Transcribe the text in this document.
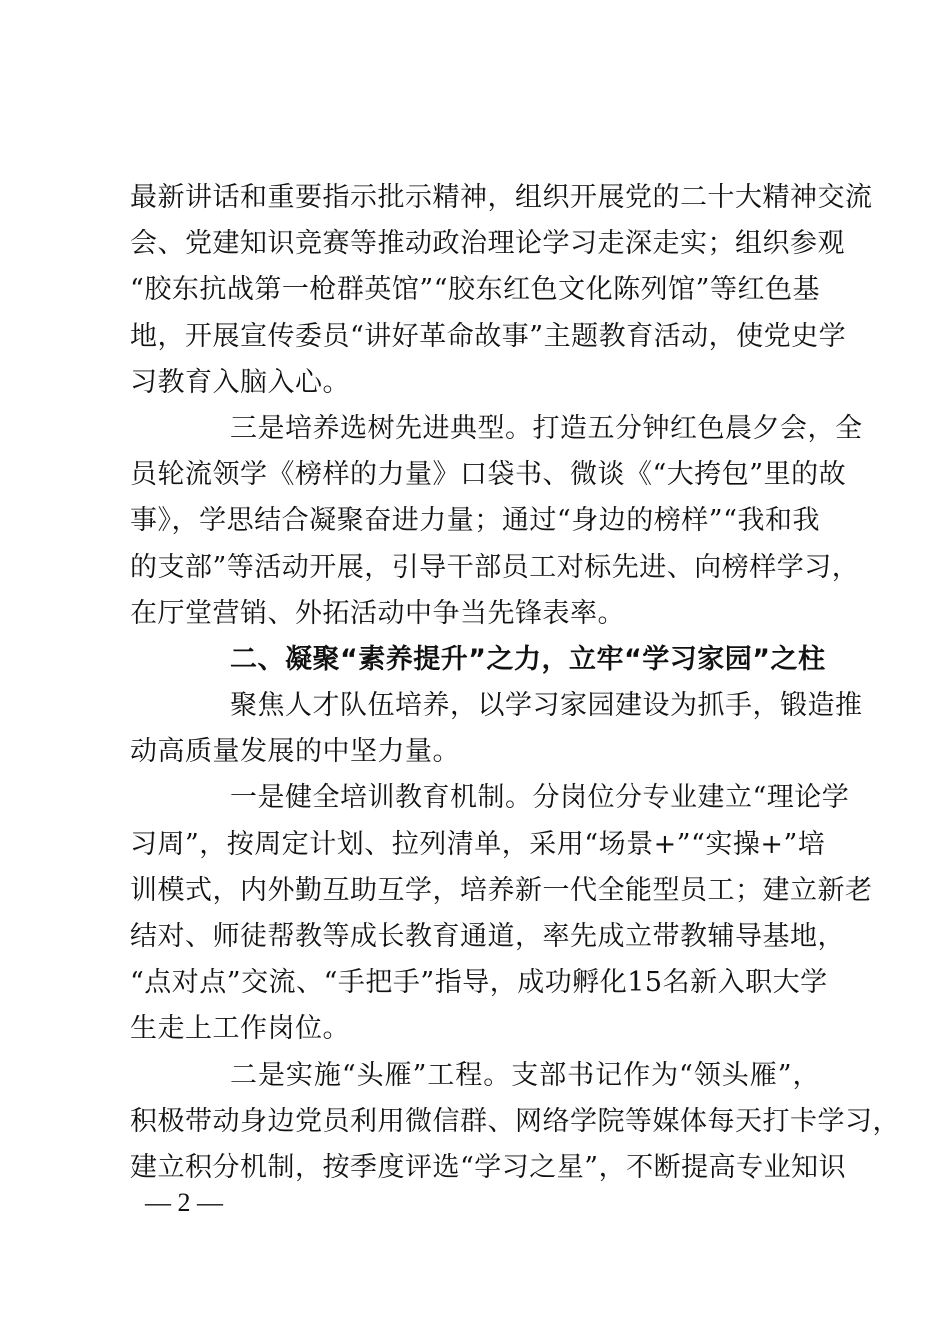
最新讲话和重要指示批示精神，组织开展党的二十大精神交流
会、党建知识竞赛等推动政治理论学习走深走实；组织参观
“胶东抗战第一枪群英馆”“胶东红色文化陈列馆”等红色基
地，开展宣传委员“讲好革命故事”主题教育活动，使党史学
习教育入脑入心。
三是培养选树先进典型。打造五分钟红色晨夕会，全
员轮流领学《榜样的力量》口袋书、微谈《“大挎包”里的故
事》，学思结合凝聚奋进力量；通过“身边的榜样”“我和我
的支部”等活动开展，引导干部员工对标先进、向榜样学习，
在厅堂营销、外拓活动中争当先锋表率。
二、凝聚“素养提升”之力，立牢“学习家园”之柱
聚焦人才队伍培养，以学习家园建设为抓手，锻造推
动高质量发展的中坚力量。
一是健全培训教育机制。分岗位分专业建立“理论学
习周”，按周定计划、拉列清单，采用“场景+”“实操+”培
训模式，内外勤互助互学，培养新一代全能型员工；建立新老
结对、师徒帮教等成长教育通道，率先成立带教辅导基地，
“点对点”交流、“手把手”指导，成功孵化15名新入职大学
生走上工作岗位。
二是实施“头雁”工程。支部书记作为“领头雁”，
积极带动身边党员利用微信群、网络学院等媒体每天打卡学习，
建立积分机制，按季度评选“学习之星”，不断提高专业知识
— 2 —
